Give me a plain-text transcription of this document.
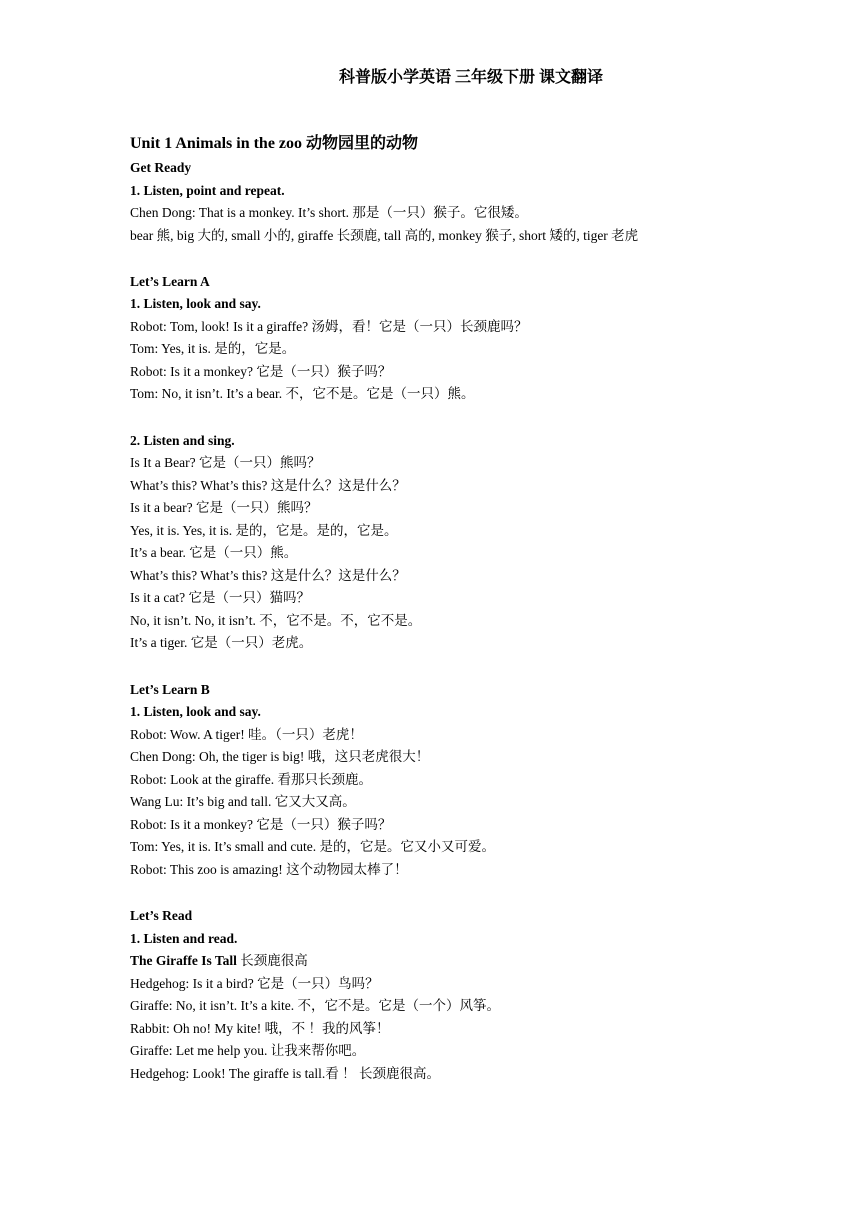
科普版小学英语 三年级下册 课文翻译
Unit 1 Animals in the zoo 动物园里的动物
Get Ready
1. Listen, point and repeat.
Chen Dong: That is a monkey. It’s short. 那是（一只）猴子。它很矮。
bear 熊, big 大的, small 小的, giraffe 长颈鹿, tall 高的, monkey 猴子, short 矮的, tiger 老虎
Let’s Learn A
1. Listen, look and say.
Robot: Tom, look! Is it a giraffe? 汤姆，看！它是（一只）长颈鹿吗？
Tom: Yes, it is. 是的，它是。
Robot: Is it a monkey? 它是（一只）猴子吗？
Tom: No, it isn’t. It’s a bear. 不，它不是。它是（一只）熊。
2. Listen and sing.
Is It a Bear? 它是（一只）熊吗？
What’s this? What’s this? 这是什么？这是什么？
Is it a bear? 它是（一只）熊吗？
Yes, it is. Yes, it is. 是的，它是。是的，它是。
It’s a bear. 它是（一只）熊。
What’s this? What’s this? 这是什么？这是什么？
Is it a cat? 它是（一只）猫吗？
No, it isn’t. No, it isn’t. 不，它不是。不，它不是。
It’s a tiger. 它是（一只）老虎。
Let’s Learn B
1. Listen, look and say.
Robot: Wow. A tiger! 哇。（一只）老虎！
Chen Dong: Oh, the tiger is big! 哦，这只老虎很大！
Robot: Look at the giraffe. 看那只长颈鹿。
Wang Lu: It’s big and tall. 它又大又高。
Robot: Is it a monkey? 它是（一只）猴子吗？
Tom: Yes, it is. It’s small and cute. 是的，它是。它又小又可爱。
Robot: This zoo is amazing! 这个动物园太棒了！
Let’s Read
1. Listen and read.
The Giraffe Is Tall 长颈鹿很高
Hedgehog: Is it a bird? 它是（一只）鸟吗？
Giraffe: No, it isn’t. It’s a kite. 不，它不是。它是（一个）风筝。
Rabbit: Oh no! My kite! 哦，不 ！我的风筝！
Giraffe: Let me help you. 让我来帮你吧。
Hedgehog: Look! The giraffe is tall.看 ！ 长颈鹿很高。
